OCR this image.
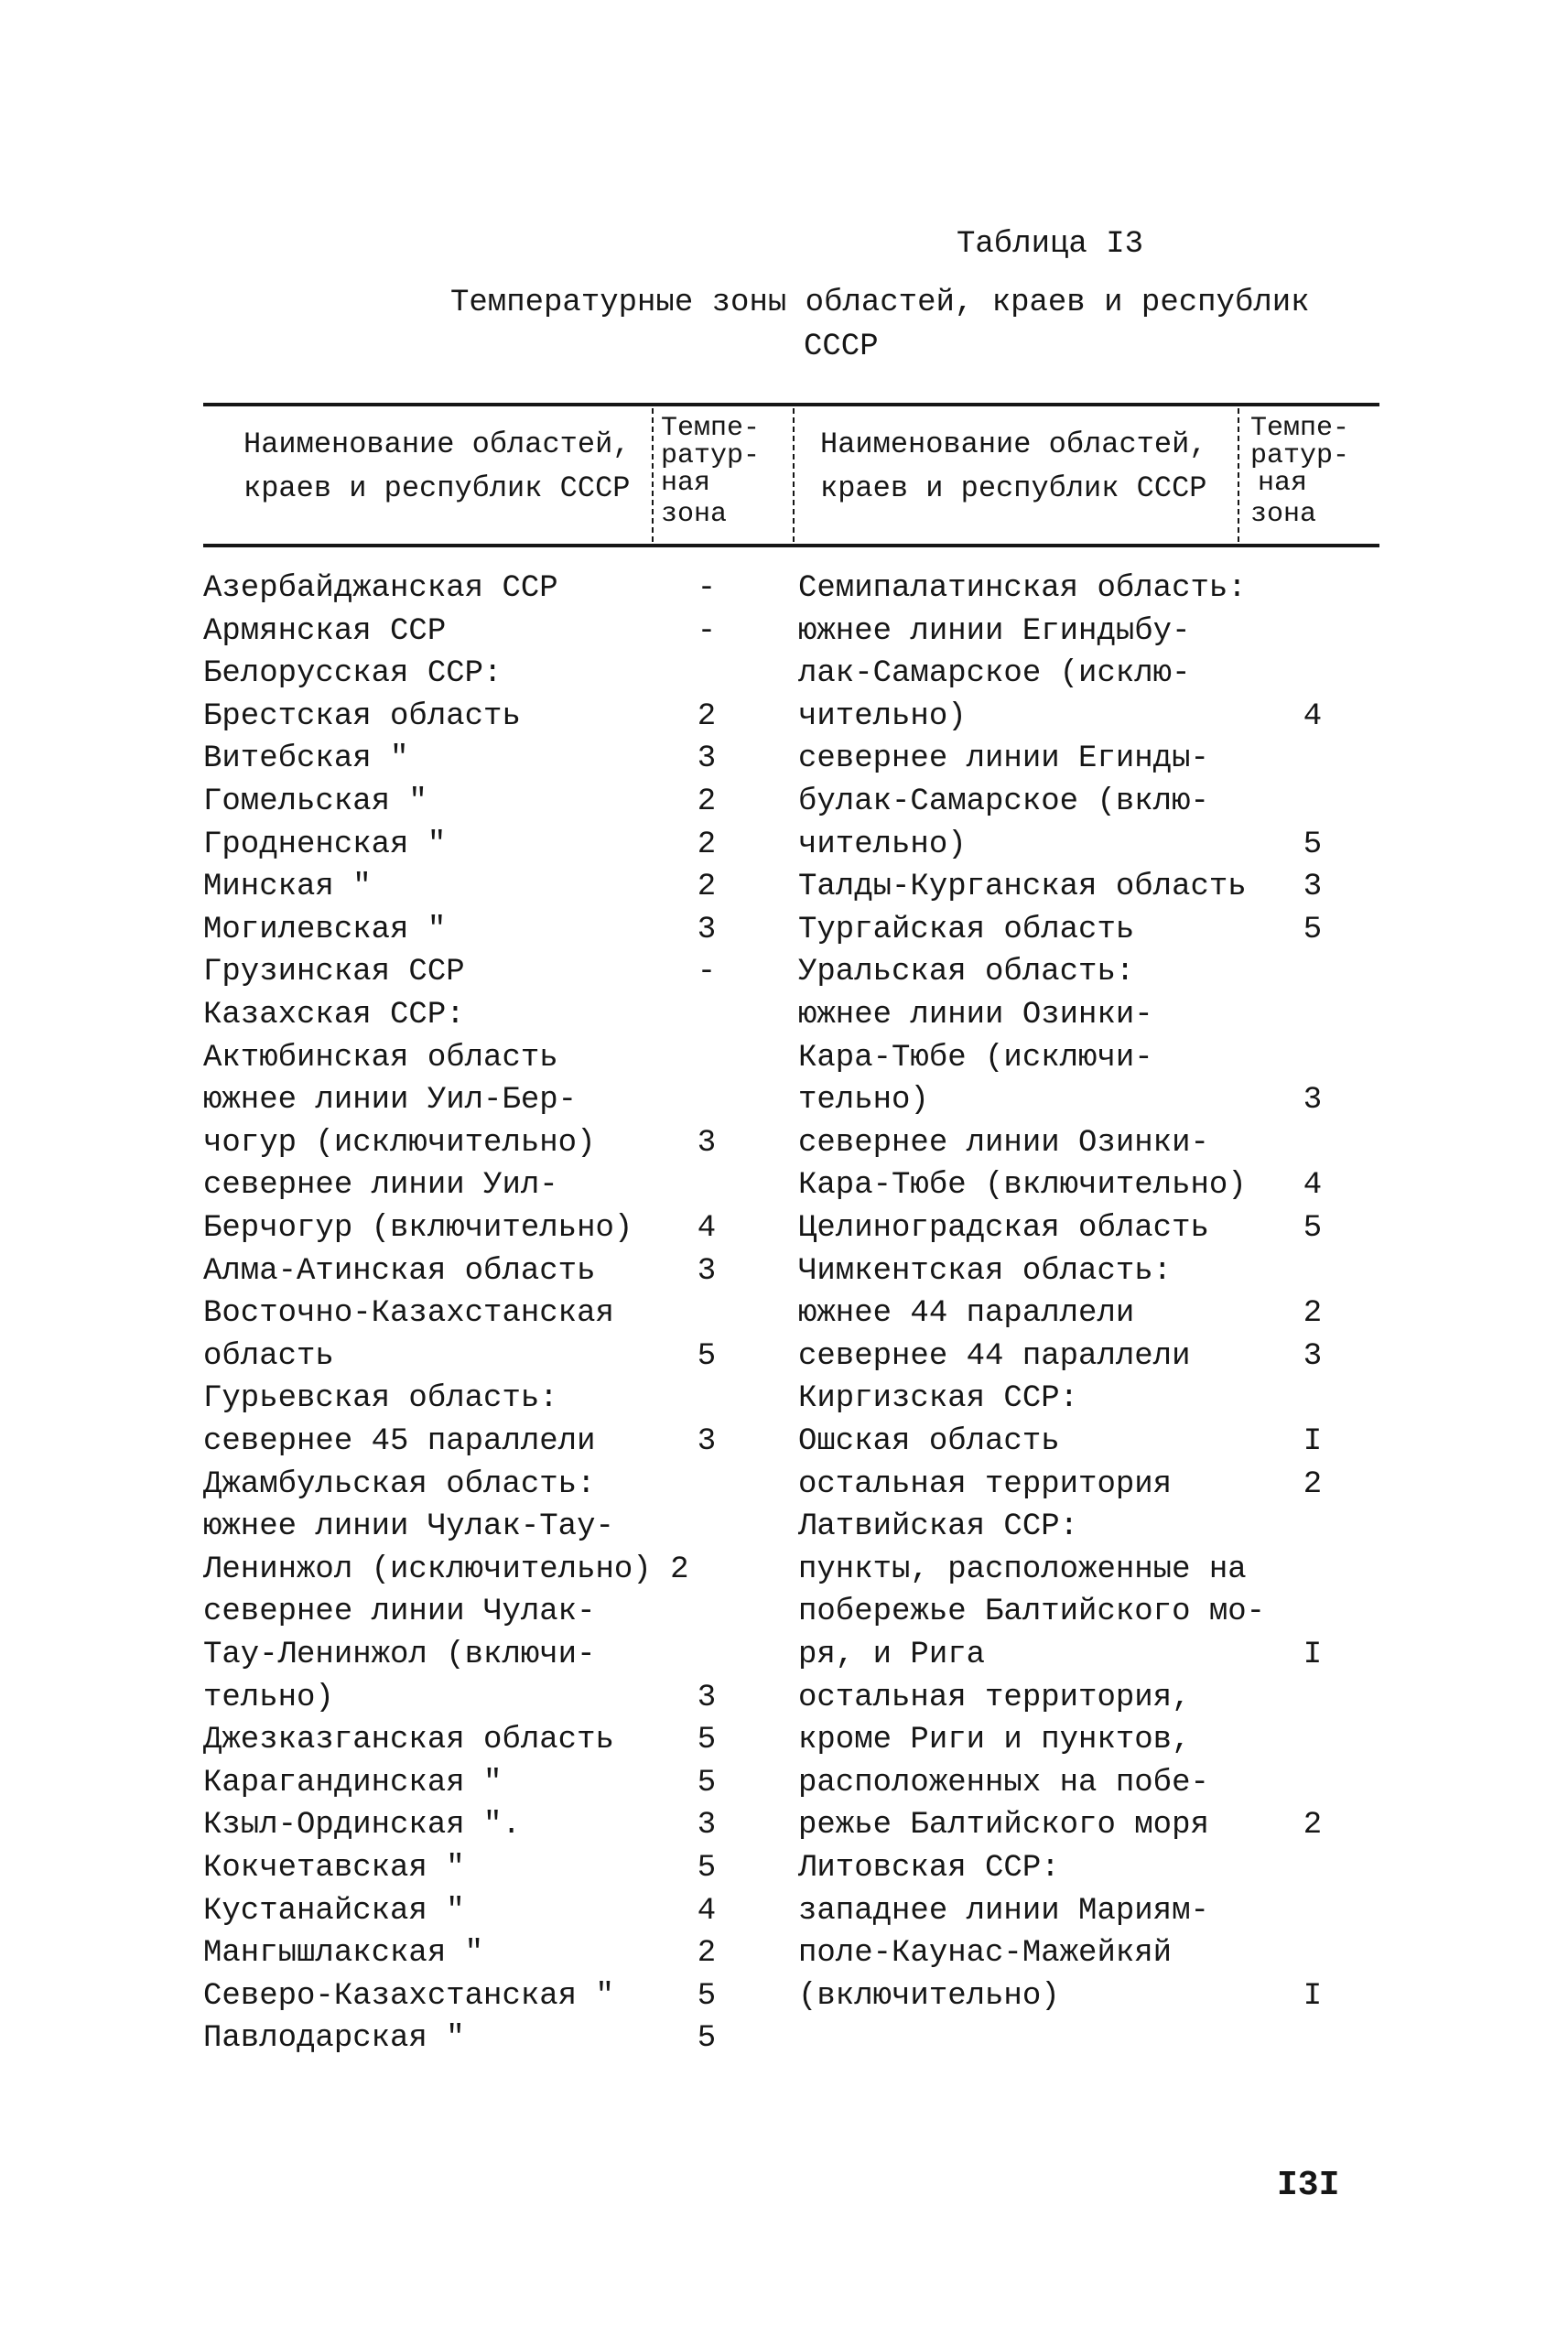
Таблица I3
Температурные зоны областей, краев и республик
СССР
Наименование областей,
краев и республик СССР
Темпе-
ратур-
ная
зона
Наименование областей,
краев и республик СССР
Темпе-
ратур-
ная
зона
Азербайджанская ССР	-
Армянская ССР	-
Белорусская ССР:
Брестская область	2
Витебская "	3
Гомельская "	2
Гродненская "	2
Минская "	2
Могилевская "	3
Грузинская ССР	-
Казахская ССР:
Актюбинская область
южнее линии Уил-Бер-
чогур (исключительно)	3
севернее линии Уил-
Берчогур (включительно)	4
Алма-Атинская область	3
Восточно-Казахстанская
область	5
Гурьевская область:
севернее 45 параллели	3
Джамбульская область:
южнее линии Чулак-Тау-
Ленинжол (исключительно) 2
севернее линии Чулак-
Тау-Ленинжол (включи-
тельно)	3
Джезказганская область	5
Карагандинская "	5
Кзыл-Ординская ".	3
Кокчетавская "	5
Кустанайская "	4
Мангышлакская "	2
Северо-Казахстанская "	5
Павлодарская "	5
Семипалатинская область:
южнее линии Егиндыбу-
лак-Самарское (исклю-
чительно)	4
севернее линии Егинды-
булак-Самарское (вклю-
чительно)	5
Талды-Курганская область	3
Тургайская область	5
Уральская область:
южнее линии Озинки-
Кара-Тюбе (исключи-
тельно)	3
севернее линии Озинки-
Кара-Тюбе (включительно)	4
Целиноградская область	5
Чимкентская область:
южнее 44 параллели	2
севернее 44 параллели	3
Киргизская ССР:
Ошская область	I
остальная территория	2
Латвийская ССР:
пункты, расположенные на
побережье Балтийского мо-
ря, и Рига	I
остальная территория,
кроме Риги и пунктов,
расположенных на побе-
режье Балтийского моря	2
Литовская ССР:
западнее линии Мариям-
поле-Каунас-Мажейкяй
(включительно)	I
I3I
